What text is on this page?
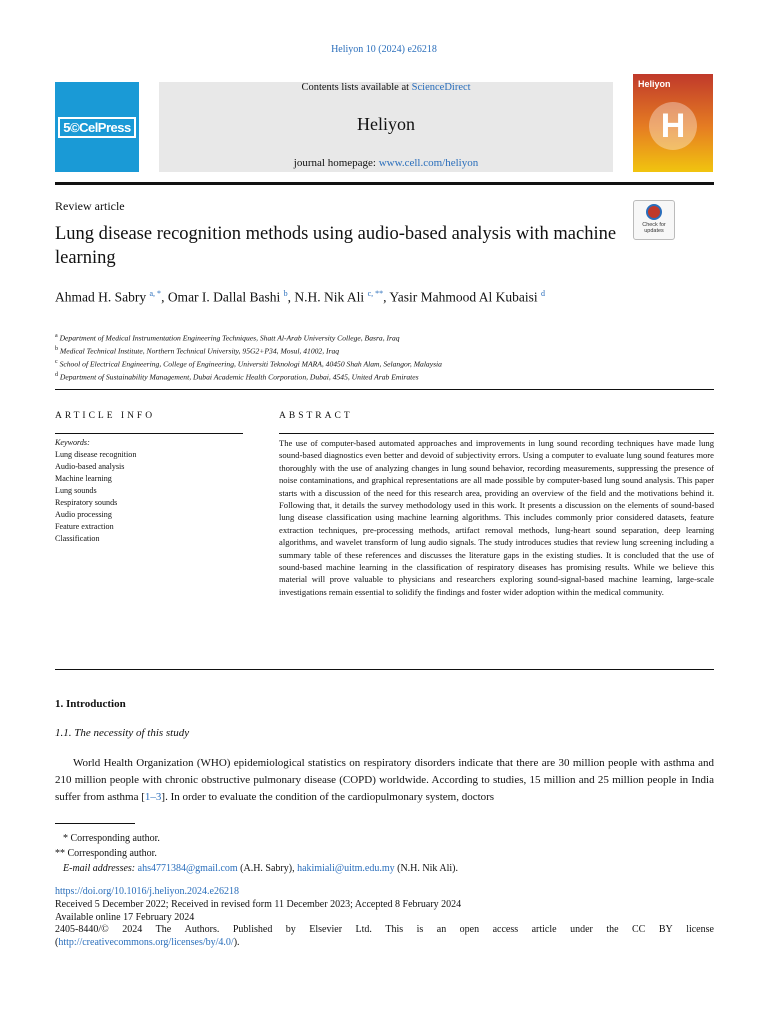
Heliyon 10 (2024) e26218
5©CelPress
Contents lists available at ScienceDirect
Heliyon
journal homepage: www.cell.com/heliyon
Heliyon
H
Review article
Check for updates
Lung disease recognition methods using audio-based analysis with machine learning
Ahmad H. Sabry $^{a, *}$, Omar I. Dallal Bashi $^b$, N.H. Nik Ali $^{c, **}$, Yasir Mahmood Al Kubaisi $^d$
$^a$ Department of Medical Instrumentation Engineering Techniques, Shatt Al-Arab University College, Basra, Iraq
$^b$ Medical Technical Institute, Northern Technical University, 95G2+P34, Mosul, 41002, Iraq
$^c$ School of Electrical Engineering, College of Engineering, Universiti Teknologi MARA, 40450 Shah Alam, Selangor, Malaysia
$^d$ Department of Sustainability Management, Dubai Academic Health Corporation, Dubai, 4545, United Arab Emirates
ARTICLE INFO	ABSTRACT
Keywords:
Lung disease recognition
Audio-based analysis
Machine learning
Lung sounds
Respiratory sounds
Audio processing
Feature extraction
Classification
The use of computer-based automated approaches and improvements in lung sound recording techniques have made lung sound-based diagnostics even better and devoid of subjectivity errors. Using a computer to evaluate lung sound features more thoroughly with the use of analyzing changes in lung sound behavior, recording measurements, suppressing the presence of noise contaminations, and graphical representations are all made possible by computer-based lung sound analysis. This paper starts with a discussion of the need for this research area, providing an overview of the field and the motivations behind it. Following that, it details the survey methodology used in this work. It presents a discussion on the elements of sound-based lung disease classification using machine learning algorithms. This includes commonly prior considered datasets, feature extraction techniques, pre-processing methods, artifact removal methods, lung-heart sound separation, deep learning algorithms, and wavelet transform of lung audio signals. The study introduces studies that review lung screening including a summary table of these references and discusses the literature gaps in the existing studies. It is concluded that the use of sound-based machine learning in the classification of respiratory diseases has promising results. While we believe this material will prove valuable to physicians and researchers exploring sound-signal-based machine learning, large-scale investigations remain essential to solidify the findings and foster wider adoption within the medical community.
1. Introduction
1.1. The necessity of this study
World Health Organization (WHO) epidemiological statistics on respiratory disorders indicate that there are 30 million people with asthma and 210 million people with chronic obstructive pulmonary disease (COPD) worldwide. According to studies, 15 million and 25 million people in India suffer from asthma [1–3]. In order to evaluate the condition of the cardiopulmonary system, doctors
* Corresponding author.
** Corresponding author.
E-mail addresses: ahs4771384@gmail.com (A.H. Sabry), hakimiali@uitm.edu.my (N.H. Nik Ali).
https://doi.org/10.1016/j.heliyon.2024.e26218
Received 5 December 2022; Received in revised form 11 December 2023; Accepted 8 February 2024
Available online 17 February 2024
2405-8440/© 2024 The Authors. Published by Elsevier Ltd. This is an open access article under the CC BY license
(http://creativecommons.org/licenses/by/4.0/).
